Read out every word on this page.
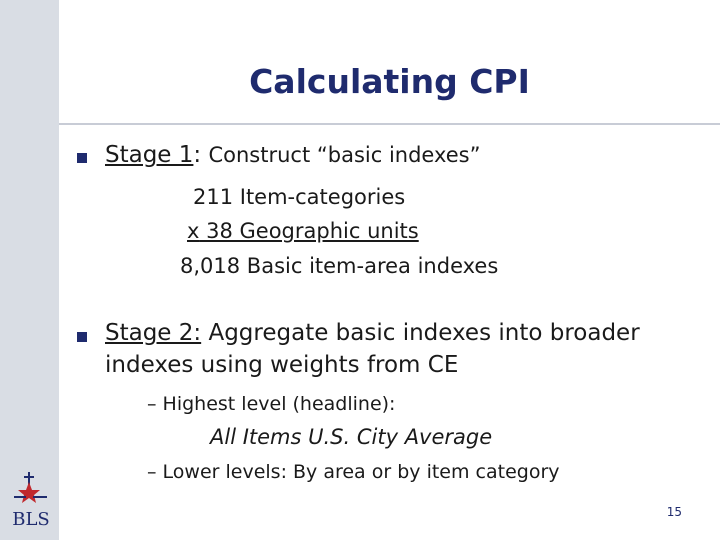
Calculating CPI
Stage 1: Construct “basic indexes”
211 Item-categories
x 38 Geographic units
8,018 Basic item-area indexes
Stage 2: Aggregate basic indexes into broader
indexes using weights from CE
– Highest level (headline):
All Items U.S. City Average
– Lower levels: By area or by item category
BLS	15
